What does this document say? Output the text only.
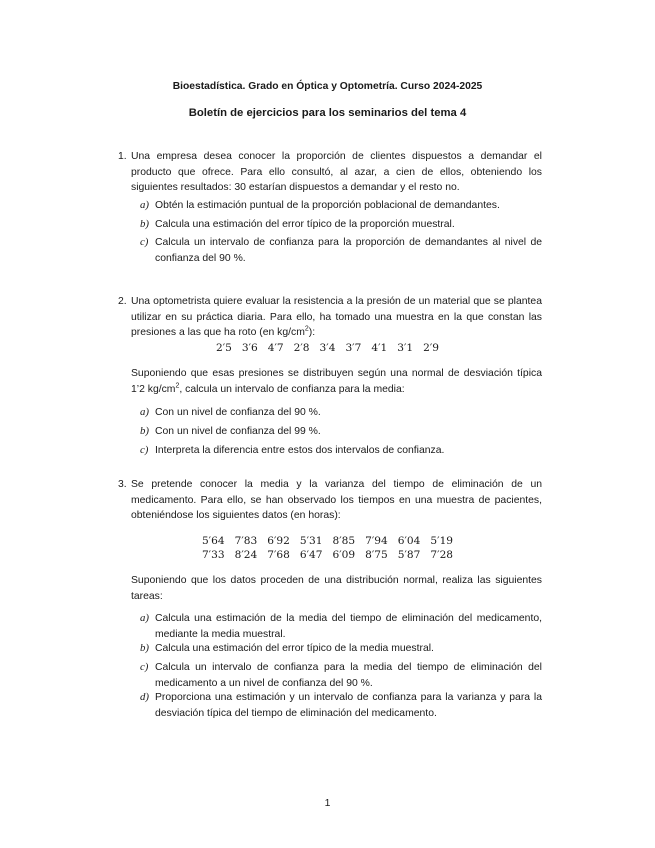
Bioestadística. Grado en Óptica y Optometría. Curso 2024-2025
Boletín de ejercicios para los seminarios del tema 4
1. Una empresa desea conocer la proporción de clientes dispuestos a demandar el producto que ofrece. Para ello consultó, al azar, a cien de ellos, obteniendo los siguientes resultados: 30 estarían dispuestos a demandar y el resto no.
a) Obtén la estimación puntual de la proporción poblacional de demandantes.
b) Calcula una estimación del error típico de la proporción muestral.
c) Calcula un intervalo de confianza para la proporción de demandantes al nivel de confianza del 90 %.
2. Una optometrista quiere evaluar la resistencia a la presión de un material que se plantea utilizar en su práctica diaria. Para ello, ha tomado una muestra en la que constan las presiones a las que ha roto (en $kg/cm^2$):
2′5 3′6 4′7 2′8 3′4 3′7 4′1 3′1 2′9
Suponiendo que esas presiones se distribuyen según una normal de desviación típica 1’2 $kg/cm^2$, calcula un intervalo de confianza para la media:
a) Con un nivel de confianza del 90 %.
b) Con un nivel de confianza del 99 %.
c) Interpreta la diferencia entre estos dos intervalos de confianza.
3. Se pretende conocer la media y la varianza del tiempo de eliminación de un medicamento. Para ello, se han observado los tiempos en una muestra de pacientes, obteniéndose los siguientes datos (en horas):
5′64 7′83 6′92 5′31 8′85 7′94 6′04 5′19
7′33 8′24 7′68 6′47 6′09 8′75 5′87 7′28
Suponiendo que los datos proceden de una distribución normal, realiza las siguientes tareas:
a) Calcula una estimación de la media del tiempo de eliminación del medicamento, mediante la media muestral.
b) Calcula una estimación del error típico de la media muestral.
c) Calcula un intervalo de confianza para la media del tiempo de eliminación del medicamento a un nivel de confianza del 90 %.
d) Proporciona una estimación y un intervalo de confianza para la varianza y para la desviación típica del tiempo de eliminación del medicamento.
1
